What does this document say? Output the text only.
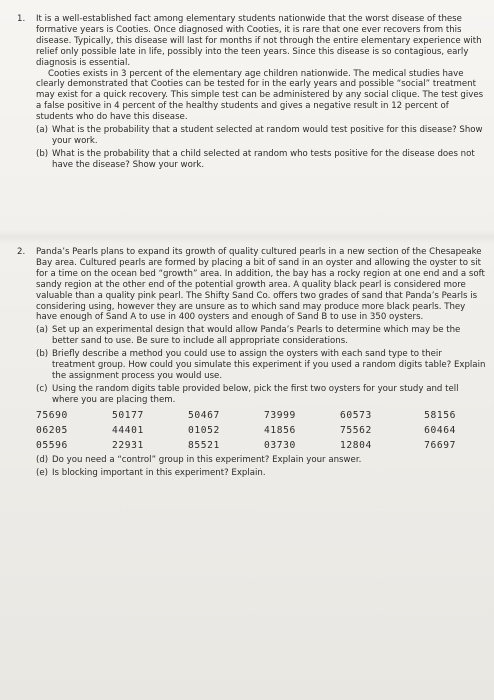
1.	It is a well-established fact among elementary students nationwide that the worst disease of these formative years is Cooties. Once diagnosed with Cooties, it is rare that one ever recovers from this disease. Typically, this disease will last for months if not through the entire elementary experience with relief only possible late in life, possibly into the teen years. Since this disease is so contagious, early diagnosis is essential.

Cooties exists in 3 percent of the elementary age children nationwide. The medical studies have clearly demonstrated that Cooties can be tested for in the early years and possible “social” treatment may exist for a quick recovery. This simple test can be administered by any social clique. The test gives a false positive in 4 percent of the healthy students and gives a negative result in 12 percent of students who do have this disease.

(a) What is the probability that a student selected at random would test positive for this disease? Show your work.
(b) What is the probability that a child selected at random who tests positive for the disease does not have the disease? Show your work.
2.	Panda’s Pearls plans to expand its growth of quality cultured pearls in a new section of the Chesapeake Bay area. Cultured pearls are formed by placing a bit of sand in an oyster and allowing the oyster to sit for a time on the ocean bed “growth” area. In addition, the bay has a rocky region at one end and a soft sandy region at the other end of the potential growth area. A quality black pearl is considered more valuable than a quality pink pearl. The Shifty Sand Co. offers two grades of sand that Panda’s Pearls is considering using, however they are unsure as to which sand may produce more black pearls. They have enough of Sand A to use in 400 oysters and enough of Sand B to use in 350 oysters.

(a) Set up an experimental design that would allow Panda’s Pearls to determine which may be the better sand to use. Be sure to include all appropriate considerations.
(b) Briefly describe a method you could use to assign the oysters with each sand type to their treatment group. How could you simulate this experiment if you used a random digits table? Explain the assignment process you would use.
(c) Using the random digits table provided below, pick the first two oysters for your study and tell where you are placing them.
75690	50177	50467	73999	60573	58156
06205	44401	01052	41856	75562	60464
05596	22931	85521	03730	12804	76697
(d) Do you need a “control” group in this experiment? Explain your answer.
(e) Is blocking important in this experiment? Explain.
